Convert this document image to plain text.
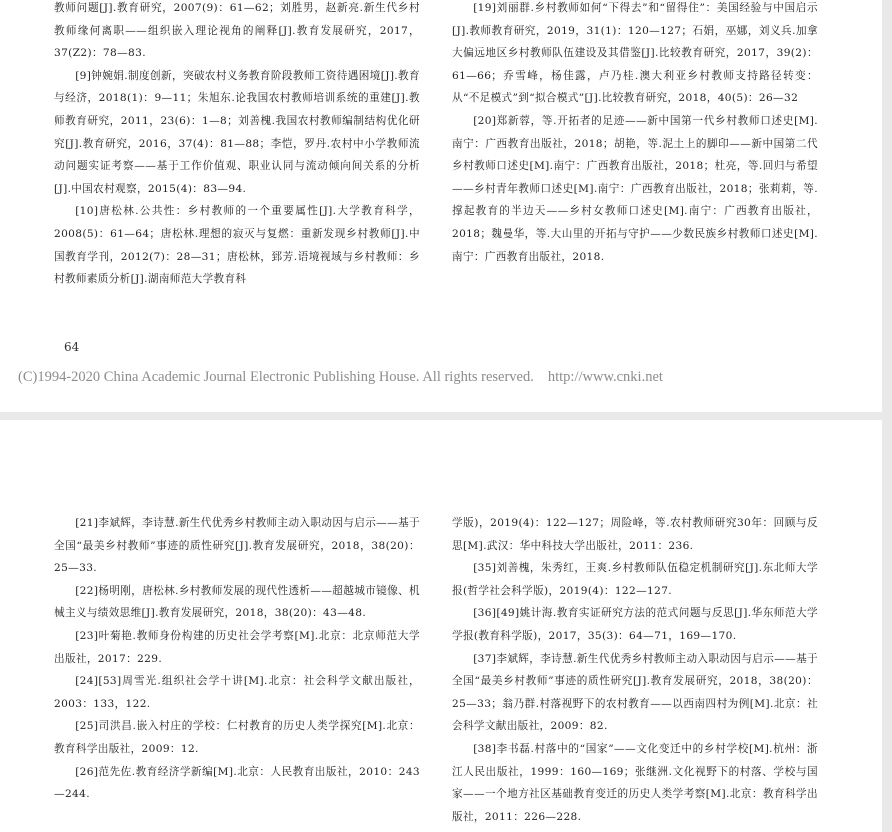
教师问题[J].教育研究，2007(9)：61—62；刘胜男，赵新亮.新生代乡村教师缘何离职——组织嵌入理论视角的阐释[J].教育发展研究，2017，37(Z2)：78—83.

[9]钟婉娟.制度创新，突破农村义务教育阶段教师工资待遇困境[J].教育与经济，2018(1)：9—11；朱旭东.论我国农村教师培训系统的重建[J].教师教育研究，2011，23(6)：1—8；刘善槐.我国农村教师编制结构优化研究[J].教育研究，2016，37(4)：81—88；李恺，罗丹.农村中小学教师流动问题实证考察——基于工作价值观、职业认同与流动倾向间关系的分析[J].中国农村观察，2015(4)：83—94.

[10]唐松林.公共性：乡村教师的一个重要属性[J].大学教育科学，2008(5)：61—64；唐松林.理想的寂灭与复燃：重新发现乡村教师[J].中国教育学刊，2012(7)：28—31；唐松林，郅芳.语境视域与乡村教师：乡村教师素质分析[J].湖南师范大学教育科

[19]刘丽群.乡村教师如何“下得去”和“留得住”：美国经验与中国启示[J].教师教育研究，2019，31(1)：120—127；石娟，巫娜，刘义兵.加拿大偏远地区乡村教师队伍建设及其借鉴[J].比较教育研究，2017，39(2)：61—66；乔雪峰，杨佳露，卢乃桂.澳大利亚乡村教师支持路径转变：从“不足模式”到“拟合模式”[J].比较教育研究，2018，40(5)：26—32

[20]郑新蓉，等.开拓者的足迹——新中国第一代乡村教师口述史[M].南宁：广西教育出版社，2018；胡艳，等.泥土上的脚印——新中国第二代乡村教师口述史[M].南宁：广西教育出版社，2018；杜亮，等.回归与希望——乡村青年教师口述史[M].南宁：广西教育出版社，2018；张莉莉，等.撑起教育的半边天——乡村女教师口述史[M].南宁：广西教育出版社，2018；魏曼华，等.大山里的开拓与守护——少数民族乡村教师口述史[M].南宁：广西教育出版社，2018.

64
(C)1994-2020 China Academic Journal Electronic Publishing House. All rights reserved. http://www.cnki.net

[21]李斌辉，李诗慧.新生代优秀乡村教师主动入职动因与启示——基于全国“最美乡村教师”事迹的质性研究[J].教育发展研究，2018，38(20)：25—33.

[22]杨明刚，唐松林.乡村教师发展的现代性透析——超越城市镜像、机械主义与绩效思维[J].教育发展研究，2018，38(20)：43—48.

[23]叶菊艳.教师身份构建的历史社会学考察[M].北京：北京师范大学出版社，2017：229.

[24][53]周雪光.组织社会学十讲[M].北京：社会科学文献出版社，2003：133，122.

[25]司洪昌.嵌入村庄的学校：仁村教育的历史人类学探究[M].北京：教育科学出版社，2009：12.

[26]范先佐.教育经济学新编[M].北京：人民教育出版社，2010：243—244.

学版)，2019(4)：122—127；周险峰，等.农村教师研究30年：回顾与反思[M].武汉：华中科技大学出版社，2011：236.

[35]刘善槐，朱秀红，王爽.乡村教师队伍稳定机制研究[J].东北师大学报(哲学社会科学版)，2019(4)：122—127.

[36][49]姚计海.教育实证研究方法的范式问题与反思[J].华东师范大学学报(教育科学版)，2017，35(3)：64—71，169—170.

[37]李斌辉，李诗慧.新生代优秀乡村教师主动入职动因与启示——基于全国“最美乡村教师”事迹的质性研究[J].教育发展研究，2018，38(20)：25—33；翁乃群.村落视野下的农村教育——以西南四村为例[M].北京：社会科学文献出版社，2009：82.

[38]李书磊.村落中的“国家”——文化变迁中的乡村学校[M].杭州：浙江人民出版社，1999：160—169；张继洲.文化视野下的村落、学校与国家——一个地方社区基础教育变迁的历史人类学考察[M].北京：教育科学出版社，2011：226—228.
